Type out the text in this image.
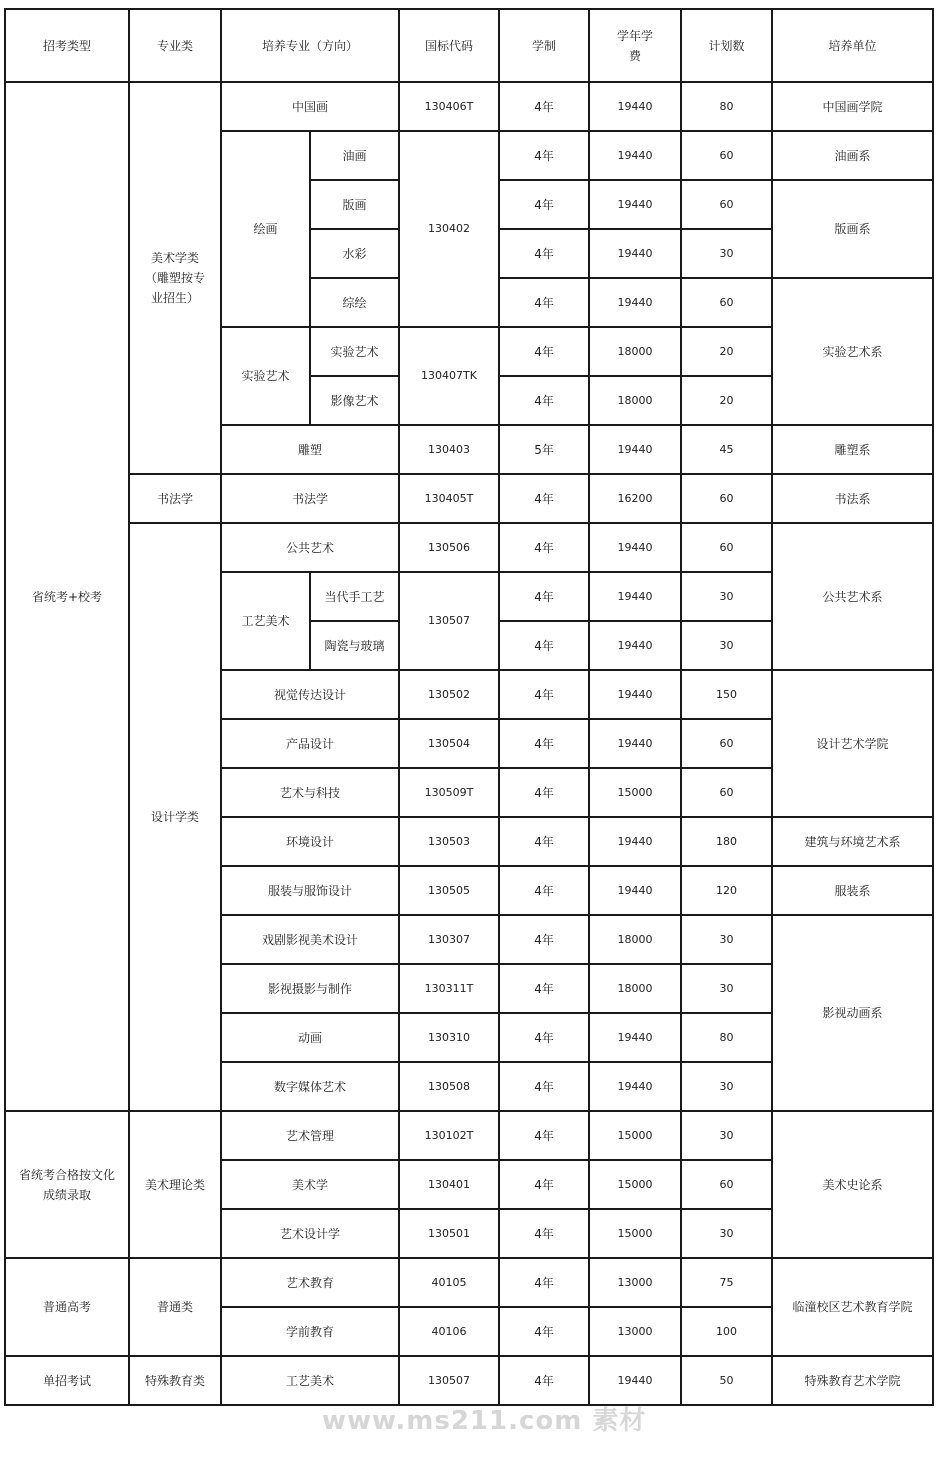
招考类型	专业类	培养专业（方向）		国标代码	学制	学年学费	计划数	培养单位
省统考+校考	美术学类（雕塑按专业招生）	中国画		130406T	4年	19440	80	中国画学院
		绘画	油画	130402	4年	19440	60	油画系
			版画		4年	19440	60	版画系
			水彩		4年	19440	30	
			综绘		4年	19440	60	实验艺术系
		实验艺术	实验艺术	130407TK	4年	18000	20	
			影像艺术		4年	18000	20	
		雕塑		130403	5年	19440	45	雕塑系
	书法学	书法学		130405T	4年	16200	60	书法系
	设计学类	公共艺术		130506	4年	19440	60	公共艺术系
		工艺美术	当代手工艺	130507	4年	19440	30	
			陶瓷与玻璃		4年	19440	30	
		视觉传达设计		130502	4年	19440	150	设计艺术学院
		产品设计		130504	4年	19440	60	
		艺术与科技		130509T	4年	15000	60	
		环境设计		130503	4年	19440	180	建筑与环境艺术系
		服装与服饰设计		130505	4年	19440	120	服装系
		戏剧影视美术设计		130307	4年	18000	30	影视动画系
		影视摄影与制作		130311T	4年	18000	30	
		动画		130310	4年	19440	80	
		数字媒体艺术		130508	4年	19440	30	
省统考合格按文化成绩录取	美术理论类	艺术管理		130102T	4年	15000	30	美术史论系
		美术学		130401	4年	15000	60	
		艺术设计学		130501	4年	15000	30	
普通高考	普通类	艺术教育		40105	4年	13000	75	临潼校区艺术教育学院
		学前教育		40106	4年	13000	100	
单招考试	特殊教育类	工艺美术		130507	4年	19440	50	特殊教育艺术学院
www.ms211.com 素材
